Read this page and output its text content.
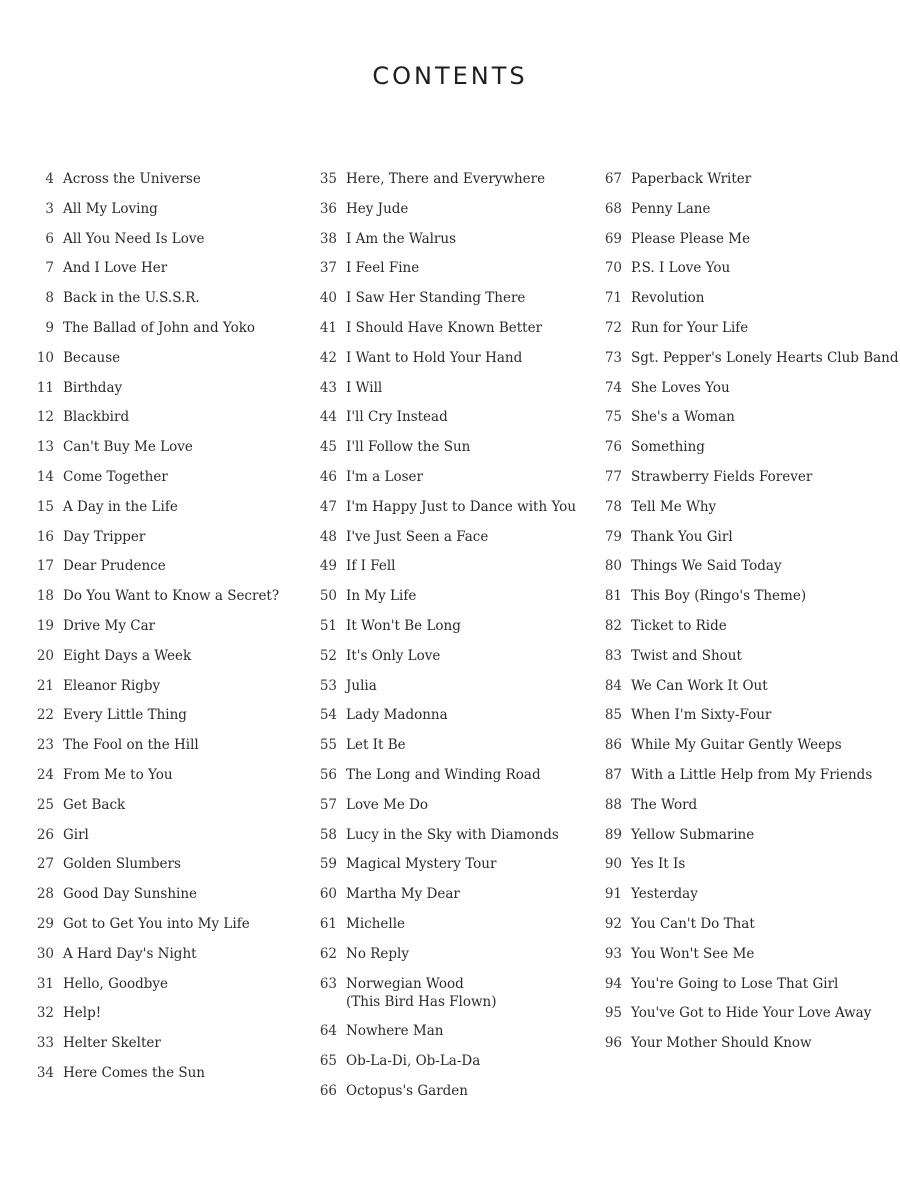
CONTENTS
4 Across the Universe
3 All My Loving
6 All You Need Is Love
7 And I Love Her
8 Back in the U.S.S.R.
9 The Ballad of John and Yoko
10 Because
11 Birthday
12 Blackbird
13 Can't Buy Me Love
14 Come Together
15 A Day in the Life
16 Day Tripper
17 Dear Prudence
18 Do You Want to Know a Secret?
19 Drive My Car
20 Eight Days a Week
21 Eleanor Rigby
22 Every Little Thing
23 The Fool on the Hill
24 From Me to You
25 Get Back
26 Girl
27 Golden Slumbers
28 Good Day Sunshine
29 Got to Get You into My Life
30 A Hard Day's Night
31 Hello, Goodbye
32 Help!
33 Helter Skelter
34 Here Comes the Sun
35 Here, There and Everywhere
36 Hey Jude
38 I Am the Walrus
37 I Feel Fine
40 I Saw Her Standing There
41 I Should Have Known Better
42 I Want to Hold Your Hand
43 I Will
44 I'll Cry Instead
45 I'll Follow the Sun
46 I'm a Loser
47 I'm Happy Just to Dance with You
48 I've Just Seen a Face
49 If I Fell
50 In My Life
51 It Won't Be Long
52 It's Only Love
53 Julia
54 Lady Madonna
55 Let It Be
56 The Long and Winding Road
57 Love Me Do
58 Lucy in the Sky with Diamonds
59 Magical Mystery Tour
60 Martha My Dear
61 Michelle
62 No Reply
63 Norwegian Wood
(This Bird Has Flown)
64 Nowhere Man
65 Ob-La-Di, Ob-La-Da
66 Octopus's Garden
67 Paperback Writer
68 Penny Lane
69 Please Please Me
70 P.S. I Love You
71 Revolution
72 Run for Your Life
73 Sgt. Pepper's Lonely Hearts Club Band
74 She Loves You
75 She's a Woman
76 Something
77 Strawberry Fields Forever
78 Tell Me Why
79 Thank You Girl
80 Things We Said Today
81 This Boy (Ringo's Theme)
82 Ticket to Ride
83 Twist and Shout
84 We Can Work It Out
85 When I'm Sixty-Four
86 While My Guitar Gently Weeps
87 With a Little Help from My Friends
88 The Word
89 Yellow Submarine
90 Yes It Is
91 Yesterday
92 You Can't Do That
93 You Won't See Me
94 You're Going to Lose That Girl
95 You've Got to Hide Your Love Away
96 Your Mother Should Know
